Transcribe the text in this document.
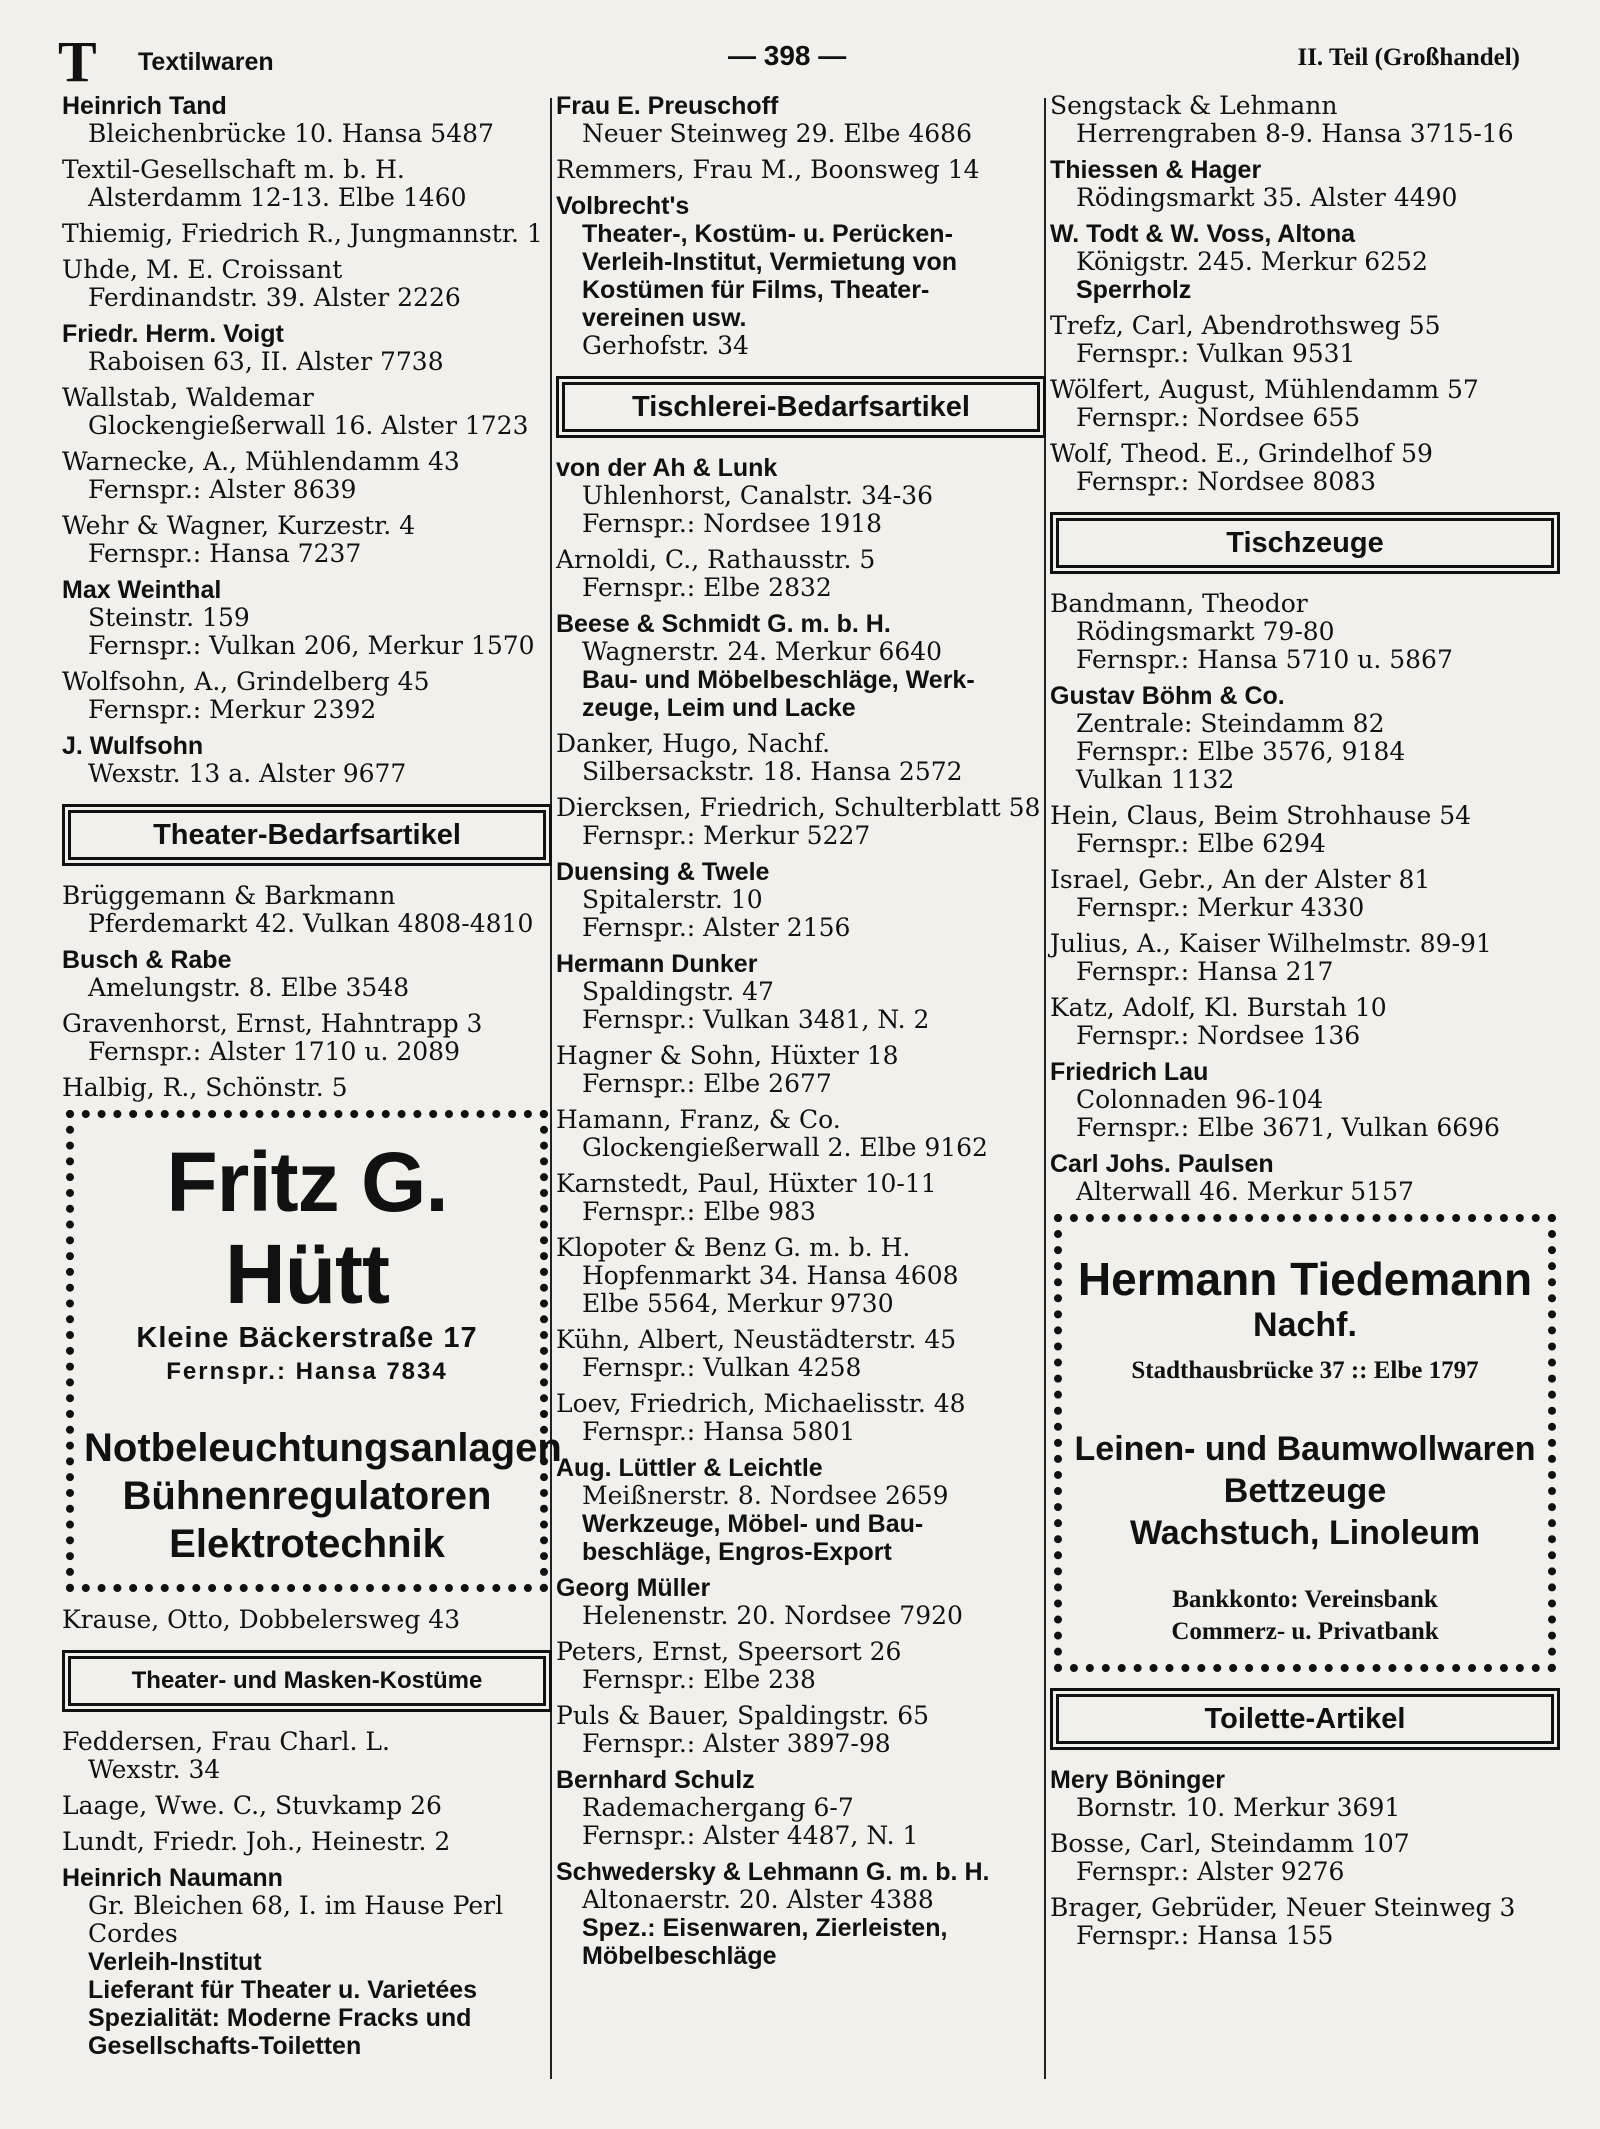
T Textilwaren	— 398 —	II. Teil (Großhandel)
Heinrich Tand
Bleichenbrücke 10. Hansa 5487
Textil-Gesellschaft m. b. H.
Alsterdamm 12-13. Elbe 1460
Thiemig, Friedrich R., Jungmannstr. 1
Uhde, M. E. Croissant
Ferdinandstr. 39. Alster 2226
Friedr. Herm. Voigt
Raboisen 63, II. Alster 7738
Wallstab, Waldemar
Glockengießerwall 16. Alster 1723
Warnecke, A., Mühlendamm 43
Fernspr.: Alster 8639
Wehr & Wagner, Kurzestr. 4
Fernspr.: Hansa 7237
Max Weinthal
Steinstr. 159
Fernspr.: Vulkan 206, Merkur 1570
Wolfsohn, A., Grindelberg 45
Fernspr.: Merkur 2392
J. Wulfsohn
Wexstr. 13 a. Alster 9677
Theater-Bedarfsartikel
Brüggemann & Barkmann
Pferdemarkt 42. Vulkan 4808-4810
Busch & Rabe
Amelungstr. 8. Elbe 3548
Gravenhorst, Ernst, Hahntrapp 3
Fernspr.: Alster 1710 u. 2089
Halbig, R., Schönstr. 5
Fritz G. Hütt
Kleine Bäckerstraße 17
Fernspr.: Hansa 7834
Notbeleuchtungsanlagen
Bühnenregulatoren
Elektrotechnik
Krause, Otto, Dobbelersweg 43
Theater- und Masken-Kostüme
Feddersen, Frau Charl. L.
Wexstr. 34
Laage, Wwe. C., Stuvkamp 26
Lundt, Friedr. Joh., Heinestr. 2
Heinrich Naumann
Gr. Bleichen 68, I. im Hause Perl
Cordes
Verleih-Institut
Lieferant für Theater u. Varietées
Spezialität: Moderne Fracks und
Gesellschafts-Toiletten
Frau E. Preuschoff
Neuer Steinweg 29. Elbe 4686
Remmers, Frau M., Boonsweg 14
Volbrecht's
Theater-, Kostüm- u. Perücken-
Verleih-Institut, Vermietung von
Kostümen für Films, Theater-
vereinen usw.
Gerhofstr. 34
Tischlerei-Bedarfsartikel
von der Ah & Lunk
Uhlenhorst, Canalstr. 34-36
Fernspr.: Nordsee 1918
Arnoldi, C., Rathausstr. 5
Fernspr.: Elbe 2832
Beese & Schmidt G. m. b. H.
Wagnerstr. 24. Merkur 6640
Bau- und Möbelbeschläge, Werk-
zeuge, Leim und Lacke
Danker, Hugo, Nachf.
Silbersackstr. 18. Hansa 2572
Diercksen, Friedrich, Schulterblatt 58
Fernspr.: Merkur 5227
Duensing & Twele
Spitalerstr. 10
Fernspr.: Alster 2156
Hermann Dunker
Spaldingstr. 47
Fernspr.: Vulkan 3481, N. 2
Hagner & Sohn, Hüxter 18
Fernspr.: Elbe 2677
Hamann, Franz, & Co.
Glockengießerwall 2. Elbe 9162
Karnstedt, Paul, Hüxter 10-11
Fernspr.: Elbe 983
Klopoter & Benz G. m. b. H.
Hopfenmarkt 34. Hansa 4608
Elbe 5564, Merkur 9730
Kühn, Albert, Neustädterstr. 45
Fernspr.: Vulkan 4258
Loev, Friedrich, Michaelisstr. 48
Fernspr.: Hansa 5801
Aug. Lüttler & Leichtle
Meißnerstr. 8. Nordsee 2659
Werkzeuge, Möbel- und Bau-
beschläge, Engros-Export
Georg Müller
Helenenstr. 20. Nordsee 7920
Peters, Ernst, Speersort 26
Fernspr.: Elbe 238
Puls & Bauer, Spaldingstr. 65
Fernspr.: Alster 3897-98
Bernhard Schulz
Rademachergang 6-7
Fernspr.: Alster 4487, N. 1
Schwedersky & Lehmann G. m. b. H.
Altonaerstr. 20. Alster 4388
Spez.: Eisenwaren, Zierleisten,
Möbelbeschläge
Sengstack & Lehmann
Herrengraben 8-9. Hansa 3715-16
Thiessen & Hager
Rödingsmarkt 35. Alster 4490
W. Todt & W. Voss, Altona
Königstr. 245. Merkur 6252
Sperrholz
Trefz, Carl, Abendrothsweg 55
Fernspr.: Vulkan 9531
Wölfert, August, Mühlendamm 57
Fernspr.: Nordsee 655
Wolf, Theod. E., Grindelhof 59
Fernspr.: Nordsee 8083
Tischzeuge
Bandmann, Theodor
Rödingsmarkt 79-80
Fernspr.: Hansa 5710 u. 5867
Gustav Böhm & Co.
Zentrale: Steindamm 82
Fernspr.: Elbe 3576, 9184
Vulkan 1132
Hein, Claus, Beim Strohhause 54
Fernspr.: Elbe 6294
Israel, Gebr., An der Alster 81
Fernspr.: Merkur 4330
Julius, A., Kaiser Wilhelmstr. 89-91
Fernspr.: Hansa 217
Katz, Adolf, Kl. Burstah 10
Fernspr.: Nordsee 136
Friedrich Lau
Colonnaden 96-104
Fernspr.: Elbe 3671, Vulkan 6696
Carl Johs. Paulsen
Alterwall 46. Merkur 5157
Hermann Tiedemann
Nachf.
Stadthausbrücke 37 :: Elbe 1797
Leinen- und Baumwollwaren
Bettzeuge
Wachstuch, Linoleum
Bankkonto: Vereinsbank
Commerz- u. Privatbank
Toilette-Artikel
Mery Böninger
Bornstr. 10. Merkur 3691
Bosse, Carl, Steindamm 107
Fernspr.: Alster 9276
Brager, Gebrüder, Neuer Steinweg 3
Fernspr.: Hansa 155
